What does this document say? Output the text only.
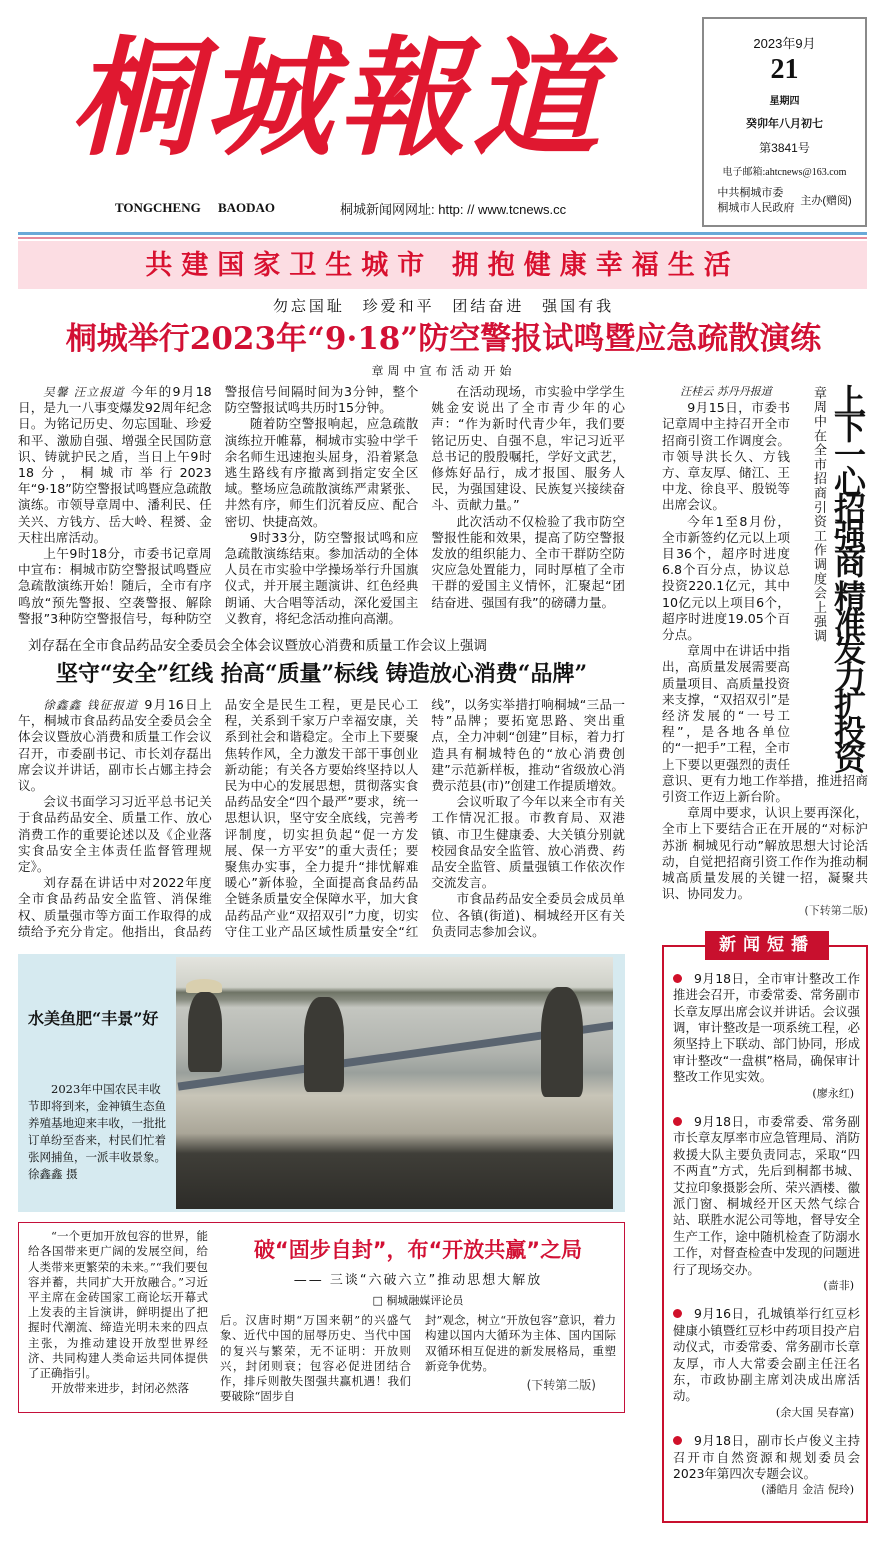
桐城報道
TONGCHENG BAODAO	桐城新闻网网址: http: // www.tcnews.cc
2023年9月
21
星期四
癸卯年八月初七
第3841号
电子邮箱:ahtcnews@163.com
中共桐城市委
桐城市人民政府
主办(赠阅)
共建国家卫生城市 拥抱健康幸福生活
勿忘国耻 珍爱和平 团结奋进 强国有我
桐城举行2023年“9·18”防空警报试鸣暨应急疏散演练
章周中宣布活动开始

吴馨 汪立报道 今年的9月18日，是九一八事变爆发92周年纪念日。为铭记历史、勿忘国耻、珍爱和平、激励自强、增强全民国防意识、铸就护民之盾，当日上午9时18分，桐城市举行2023年“9·18”防空警报试鸣暨应急疏散演练。市领导章周中、潘利民、任关兴、方钱方、岳大岭、程赟、金天柱出席活动。

上午9时18分，市委书记章周中宣布：桐城市防空警报试鸣暨应急疏散演练开始！随后，全市有序鸣放“预先警报、空袭警报、解除警报”3种防空警报信号，每种防空警报信号间隔时间为3分钟，整个防空警报试鸣共历时15分钟。

随着防空警报响起，应急疏散演练拉开帷幕，桐城市实验中学千余名师生迅速抱头屈身，沿着紧急逃生路线有序撤离到指定安全区域。整场应急疏散演练严肃紧张、井然有序，师生们沉着反应、配合密切、快捷高效。

9时33分，防空警报试鸣和应急疏散演练结束。参加活动的全体人员在市实验中学操场举行升国旗仪式，并开展主题演讲、红色经典朗诵、大合唱等活动，深化爱国主义教育，将纪念活动推向高潮。

在活动现场，市实验中学学生姚金安说出了全市青少年的心声：“作为新时代青少年，我们要铭记历史、自强不息，牢记习近平总书记的殷殷嘱托，学好文武艺，修炼好品行，成才报国、服务人民，为强国建设、民族复兴接续奋斗、贡献力量。”

此次活动不仅检验了我市防空警报性能和效果，提高了防空警报发放的组织能力、全市干群防空防灾应急处置能力，同时厚植了全市干群的爱国主义情怀，汇聚起“团结奋进、强国有我”的磅礴力量。

刘存磊在全市食品药品安全委员会全体会议暨放心消费和质量工作会议上强调
坚守“安全”红线 抬高“质量”标线 铸造放心消费“品牌”

徐鑫鑫 钱征报道 9月16日上午，桐城市食品药品安全委员会全体会议暨放心消费和质量工作会议召开，市委副书记、市长刘存磊出席会议并讲话，副市长占娜主持会议。

会议书面学习习近平总书记关于食品药品安全、质量工作、放心消费工作的重要论述以及《企业落实食品安全主体责任监督管理规定》。

刘存磊在讲话中对2022年度全市食品药品安全监管、消保维权、质量强市等方面工作取得的成绩给予充分肯定。他指出，食品药品安全是民生工程，更是民心工程，关系到千家万户幸福安康，关系到社会和谐稳定。全市上下要聚焦转作风，全力激发干部干事创业新动能；有关各方要始终坚持以人民为中心的发展思想，贯彻落实食品药品安全“四个最严”要求，统一思想认识，坚守安全底线，完善考评制度，切实担负起“促一方发展、保一方平安”的重大责任；要聚焦办实事，全力提升“排忧解难暖心”新体验，全面提高食品药品全链条质量安全保障水平，加大食品药品产业“双招双引”力度，切实守住工业产品区域性质量安全“红线”，以务实举措打响桐城“三品一特”品牌；要拓宽思路、突出重点，全力冲刺“创建”目标，着力打造具有桐城特色的“放心消费创建”示范新样板，推动“省级放心消费示范县(市)”创建工作提质增效。

会议听取了今年以来全市有关工作情况汇报。市教育局、双港镇、市卫生健康委、大关镇分别就校园食品安全监管、放心消费、药品安全监管、质量强镇工作依次作交流发言。

市食品药品安全委员会成员单位、各镇(街道)、桐城经开区有关负责同志参加会议。

水美鱼肥“丰景”好
2023年中国农民丰收节即将到来，金神镇生态鱼养殖基地迎来丰收，一批批订单纷至沓来，村民们忙着张网捕鱼，一派丰收景象。　　徐鑫鑫 摄

“一个更加开放包容的世界，能给各国带来更广阔的发展空间，给人类带来更繁荣的未来。”“我们要包容并蓄，共同扩大开放融合。”习近平主席在金砖国家工商论坛开幕式上发表的主旨演讲，鲜明提出了把握时代潮流、缔造光明未来的四点主张，为推动建设开放型世界经济、共同构建人类命运共同体提供了正确指引。

开放带来进步，封闭必然落

破“固步自封”，布“开放共赢”之局
—— 三谈“六破六立”推动思想大解放
□ 桐城融媒评论员
后。汉唐时期“万国来朝”的兴盛气象、近代中国的屈辱历史、当代中国的复兴与繁荣，无不证明：开放则兴，封闭则衰；包容必促进团结合作，排斥则散失图强共赢机遇！我们要破除“固步自
封”观念，树立“开放包容”意识，着力构建以国内大循环为主体、国内国际双循环相互促进的新发展格局，重塑新竞争优势。
(下转第二版)
上下一心招强商 精准发力扩投资
章周中在全市招商引资工作调度会上强调

汪桂云 苏丹丹报道

9月15日，市委书记章周中主持召开全市招商引资工作调度会。市领导洪长久、方钱方、章友厚、储江、王中龙、徐良平、殷锐等出席会议。

今年1至8月份，全市新签约亿元以上项目36个，超序时进度6.8个百分点，协议总投资220.1亿元，其中10亿元以上项目6个，超序时进度19.05个百分点。

章周中在讲话中指出，高质量发展需要高质量项目、高质量投资来支撑，“双招双引”是经济发展的“一号工程”，是各地各单位的“一把手”工程，全市上下要以更强烈的责任意识、更有力地工作举措，推进招商引资工作迈上新台阶。

章周中要求，认识上要再深化，全市上下要结合正在开展的“对标沪苏浙 桐城见行动”解放思想大讨论活动，自觉把招商引资工作作为推动桐城高质量发展的关键一招，凝聚共识、协同发力。

(下转第二版)

新闻短播
9月18日，全市审计整改工作推进会召开，市委常委、常务副市长章友厚出席会议并讲话。会议强调，审计整改是一项系统工程，必须坚持上下联动、部门协同，形成审计整改“一盘棋”格局，确保审计整改工作见实效。
(廖永红)
9月18日，市委常委、常务副市长章友厚率市应急管理局、消防救援大队主要负责同志，采取“四不两直”方式，先后到桐都书城、艾拉印象摄影会所、荣兴酒楼、徽派门窗、桐城经开区天然气综合站、联胜水泥公司等地，督导安全生产工作，途中随机检查了防溺水工作，对督查检查中发现的问题进行了现场交办。
(啬非)
9月16日，孔城镇举行红豆杉健康小镇暨红豆杉中药项目投产启动仪式，市委常委、常务副市长章友厚，市人大常委会副主任汪名东，市政协副主席刘决成出席活动。
(余大国 吴春富)
9月18日，副市长卢俊义主持召开市自然资源和规划委员会2023年第四次专题会议。
(潘皓月 金洁 倪玲)
